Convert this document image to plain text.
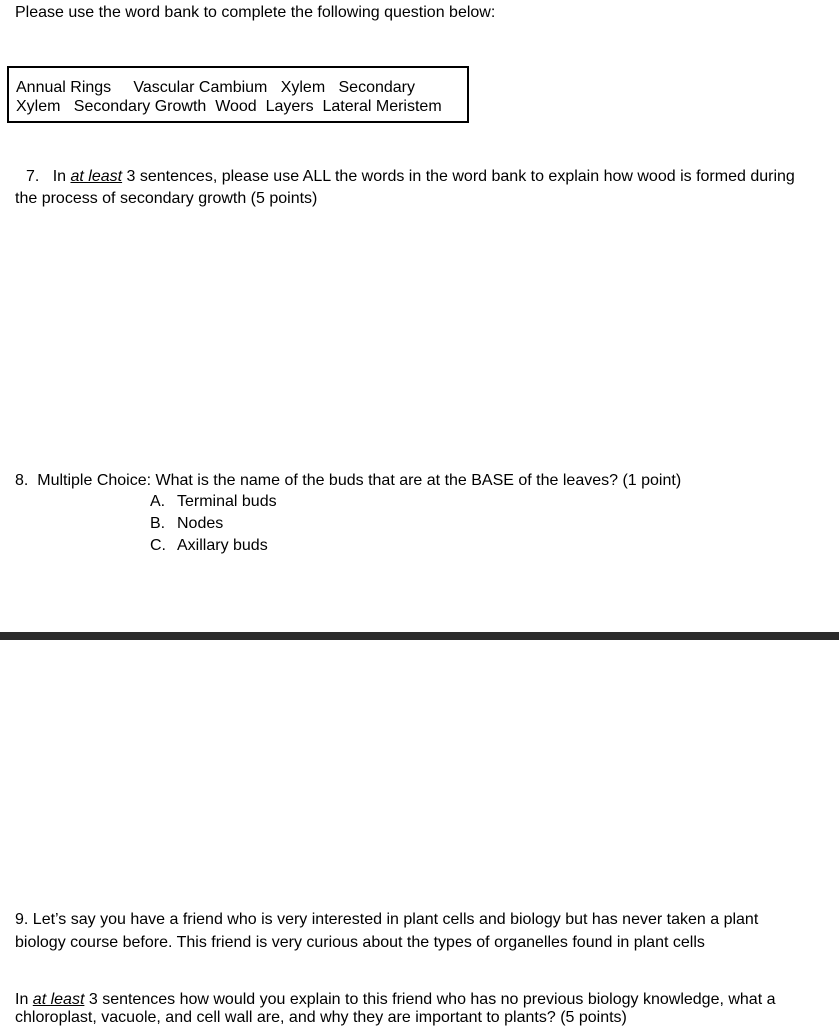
Please use the word bank to complete the following question below:
Annual Rings     Vascular Cambium   Xylem   Secondary
Xylem   Secondary Growth  Wood  Layers  Lateral Meristem
7. In at least 3 sentences, please use ALL the words in the word bank to explain how wood is formed during
the process of secondary growth (5 points)
8.  Multiple Choice: What is the name of the buds that are at the BASE of the leaves? (1 point)
A. Terminal buds
B. Nodes
C. Axillary buds
9. Let’s say you have a friend who is very interested in plant cells and biology but has never taken a plant
biology course before. This friend is very curious about the types of organelles found in plant cells
In at least 3 sentences how would you explain to this friend who has no previous biology knowledge, what a
chloroplast, vacuole, and cell wall are, and why they are important to plants? (5 points)
